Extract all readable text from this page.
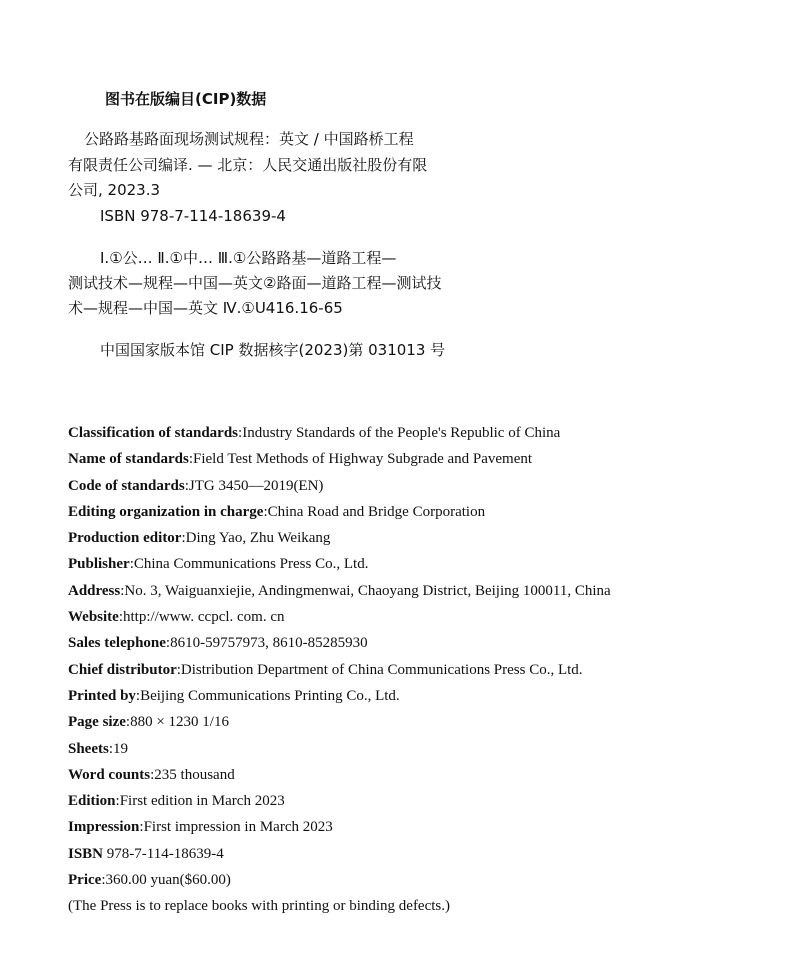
图书在版编目(CIP)数据
公路路基路面现场测试规程：英文 / 中国路桥工程
有限责任公司编译. — 北京：人民交通出版社股份有限
公司, 2023.3
ISBN 978-7-114-18639-4
Ⅰ.①公… Ⅱ.①中… Ⅲ.①公路路基—道路工程—
测试技术—规程—中国—英文②路面—道路工程—测试技
术—规程—中国—英文 Ⅳ.①U416.16-65
中国国家版本馆 CIP 数据核字(2023)第 031013 号
Classification of standards:Industry Standards of the People's Republic of China
Name of standards:Field Test Methods of Highway Subgrade and Pavement
Code of standards:JTG 3450—2019(EN)
Editing organization in charge:China Road and Bridge Corporation
Production editor:Ding Yao, Zhu Weikang
Publisher:China Communications Press Co., Ltd.
Address:No. 3, Waiguanxiejie, Andingmenwai, Chaoyang District, Beijing 100011, China
Website:http://www. ccpcl. com. cn
Sales telephone:8610-59757973, 8610-85285930
Chief distributor:Distribution Department of China Communications Press Co., Ltd.
Printed by:Beijing Communications Printing Co., Ltd.
Page size:880 × 1230 1/16
Sheets:19
Word counts:235 thousand
Edition:First edition in March 2023
Impression:First impression in March 2023
ISBN 978-7-114-18639-4
Price:360.00 yuan($60.00)
(The Press is to replace books with printing or binding defects.)
